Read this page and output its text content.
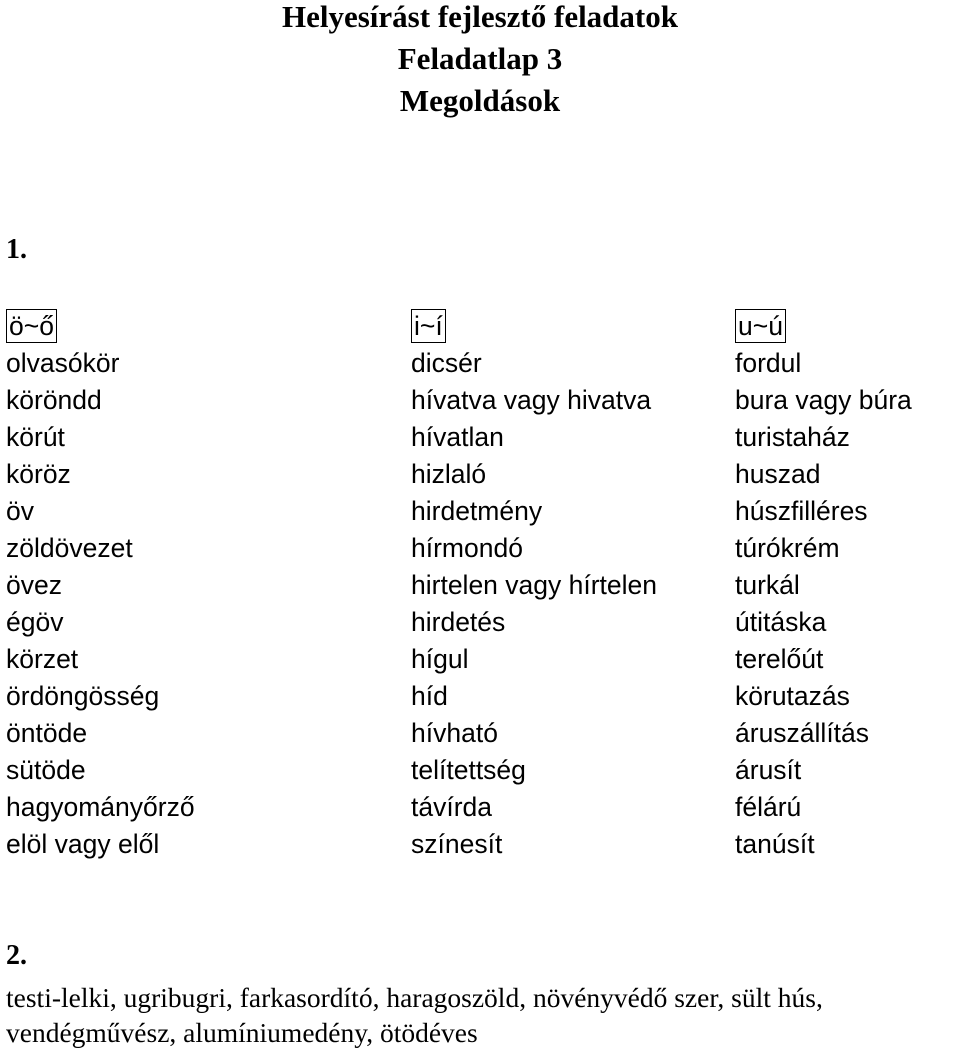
Helyesírást fejlesztő feladatok
Feladatlap 3
Megoldások
1.
ö~ő
olvasókör
köröndd
körút
köröz
öv
zöldövezet
övez
égöv
körzet
ördöngösség
öntöde
sütöde
hagyományőrző
elöl vagy elől
i~í
dicsér
hívatva vagy hivatva
hívatlan
hizlaló
hirdetmény
hírmondó
hirtelen vagy hírtelen
hirdetés
hígul
híd
hívható
telítettség
távírda
színesít
u~ú
fordul
bura vagy búra
turistaház
huszad
húszfilléres
túrókrém
turkál
útitáska
terelőút
körutazás
áruszállítás
árusít
félárú
tanúsít
2.
testi-lelki, ugribugri, farkasordító, haragoszöld, növényvédő szer, sült hús,
vendégművész, alumíniumedény, ötödéves
